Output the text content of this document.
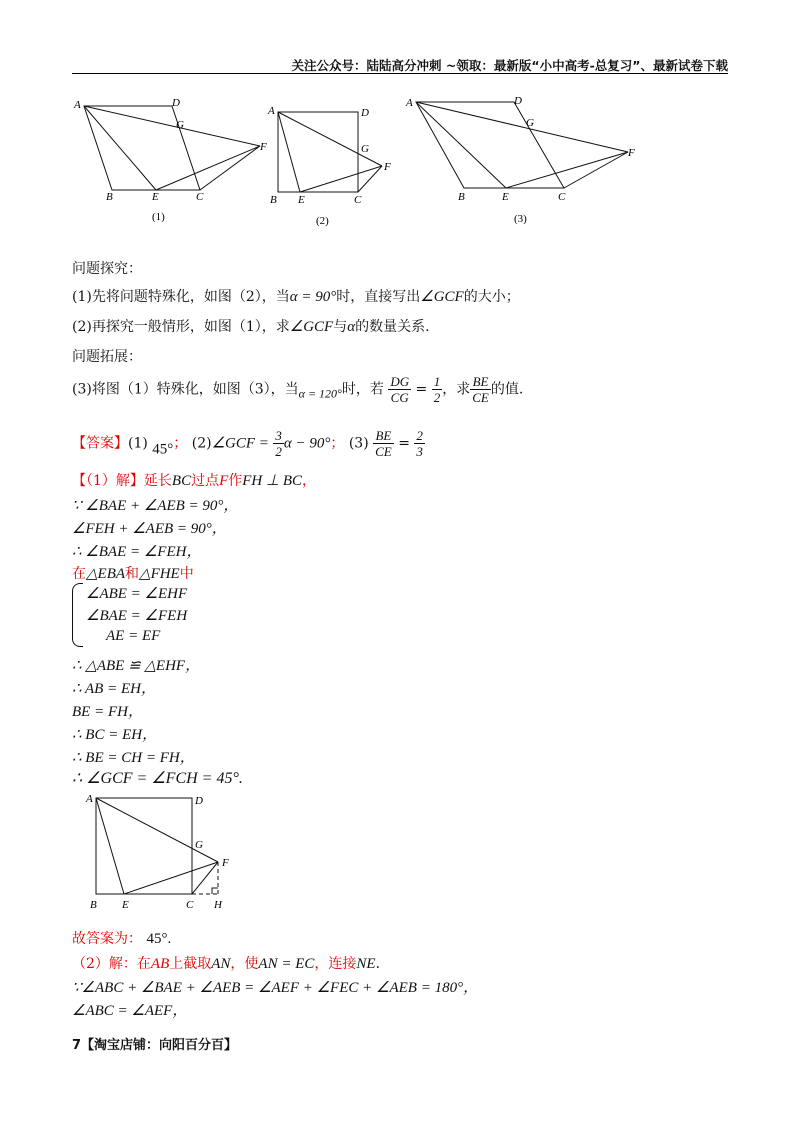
关注公众号：陆陆高分冲刺 ~领取：最新版“小中高考-总复习”、最新试卷下载
A	D
G
F
B	E	C
(1)
A	D
G
F
B E	C
(2)
A	D
G
F
B	E	C
(3)
问题探究：
(1)先将问题特殊化，如图（2），当α = 90°时，直接写出∠GCF的大小；
(2)再探究一般情形，如图（1），求∠GCF与α的数量关系.
问题拓展：
(3)将图（1）特殊化，如图（3），当α = 120°时，若 $\frac{DG}{CG} = \frac{1}{2}$ ，求 $\frac{BE}{CE}$ 的值.
【答案】(1) 45°； (2)∠GCF = $\frac{3}{2}$ α − 90°； $(3) \frac{BE}{CE} = \frac{2}{3}$
【（1）解】延长BC过点F作FH ⊥ BC，
∵ ∠BAE + ∠AEB = 90°，
∠FEH + ∠AEB = 90°，
∴ ∠BAE = ∠FEH，
在△EBA和△FHE中
∠ABE = ∠EHF
∠BAE = ∠FEH
AE = EF
∴ △ABE ≌ △EHF，
∴ AB = EH，
BE = FH，
∴ BC = EH，
∴ BE = CH = FH，
∴ ∠GCF = ∠FCH = 45°.
A	D
G
F
B E	C H
故答案为： 45°.
（2）解：在AB上截取AN，使AN = EC，连接NE.
∵∠ABC + ∠BAE + ∠AEB = ∠AEF + ∠FEC + ∠AEB = 180°，
∠ABC = ∠AEF，
7【淘宝店铺：向阳百分百】
